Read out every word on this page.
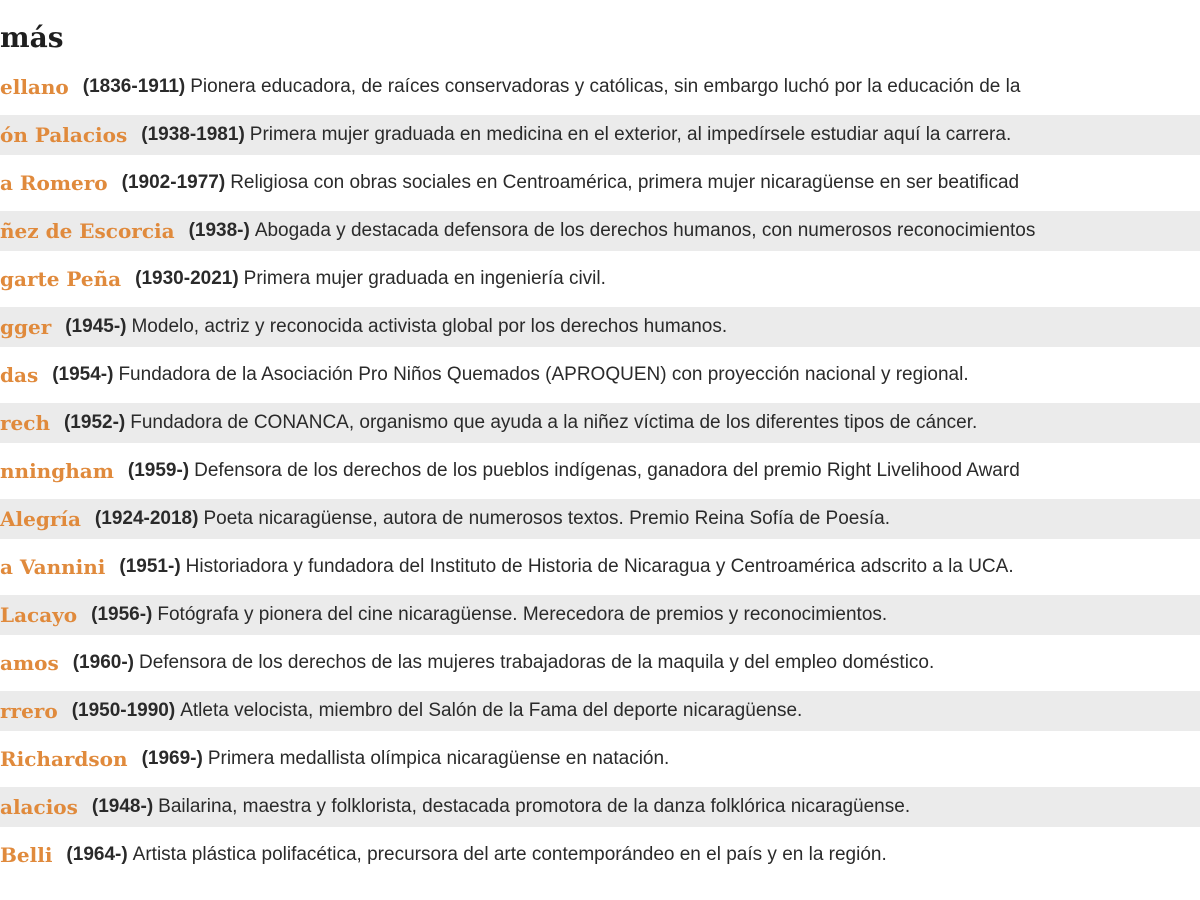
más
ellano (1836-1911) Pionera educadora, de raíces conservadoras y católicas, sin embargo luchó por la educación de la
ón Palacios (1938-1981) Primera mujer graduada en medicina en el exterior, al impedírsele estudiar aquí la carrera.
a Romero (1902-1977) Religiosa con obras sociales en Centroamérica, primera mujer nicaragüense en ser beatificad
ñez de Escorcia (1938-) Abogada y destacada defensora de los derechos humanos, con numerosos reconocimientos
garte Peña (1930-2021) Primera mujer graduada en ingeniería civil.
gger (1945-) Modelo, actriz y reconocida activista global por los derechos humanos.
das (1954-) Fundadora de la Asociación Pro Niños Quemados (APROQUEN) con proyección nacional y regional.
rech (1952-) Fundadora de CONANCA, organismo que ayuda a la niñez víctima de los diferentes tipos de cáncer.
nningham (1959-) Defensora de los derechos de los pueblos indígenas, ganadora del premio Right Livelihood Award
Alegría (1924-2018) Poeta nicaragüense, autora de numerosos textos. Premio Reina Sofía de Poesía.
a Vannini (1951-) Historiadora y fundadora del Instituto de Historia de Nicaragua y Centroamérica adscrito a la UCA.
Lacayo (1956-) Fotógrafa y pionera del cine nicaragüense. Merecedora de premios y reconocimientos.
amos (1960-) Defensora de los derechos de las mujeres trabajadoras de la maquila y del empleo doméstico.
rrero (1950-1990) Atleta velocista, miembro del Salón de la Fama del deporte nicaragüense.
Richardson (1969-) Primera medallista olímpica nicaragüense en natación.
alacios (1948-) Bailarina, maestra y folklorista, destacada promotora de la danza folklórica nicaragüense.
Belli (1964-) Artista plástica polifacética, precursora del arte contemporándeo en el país y en la región.
